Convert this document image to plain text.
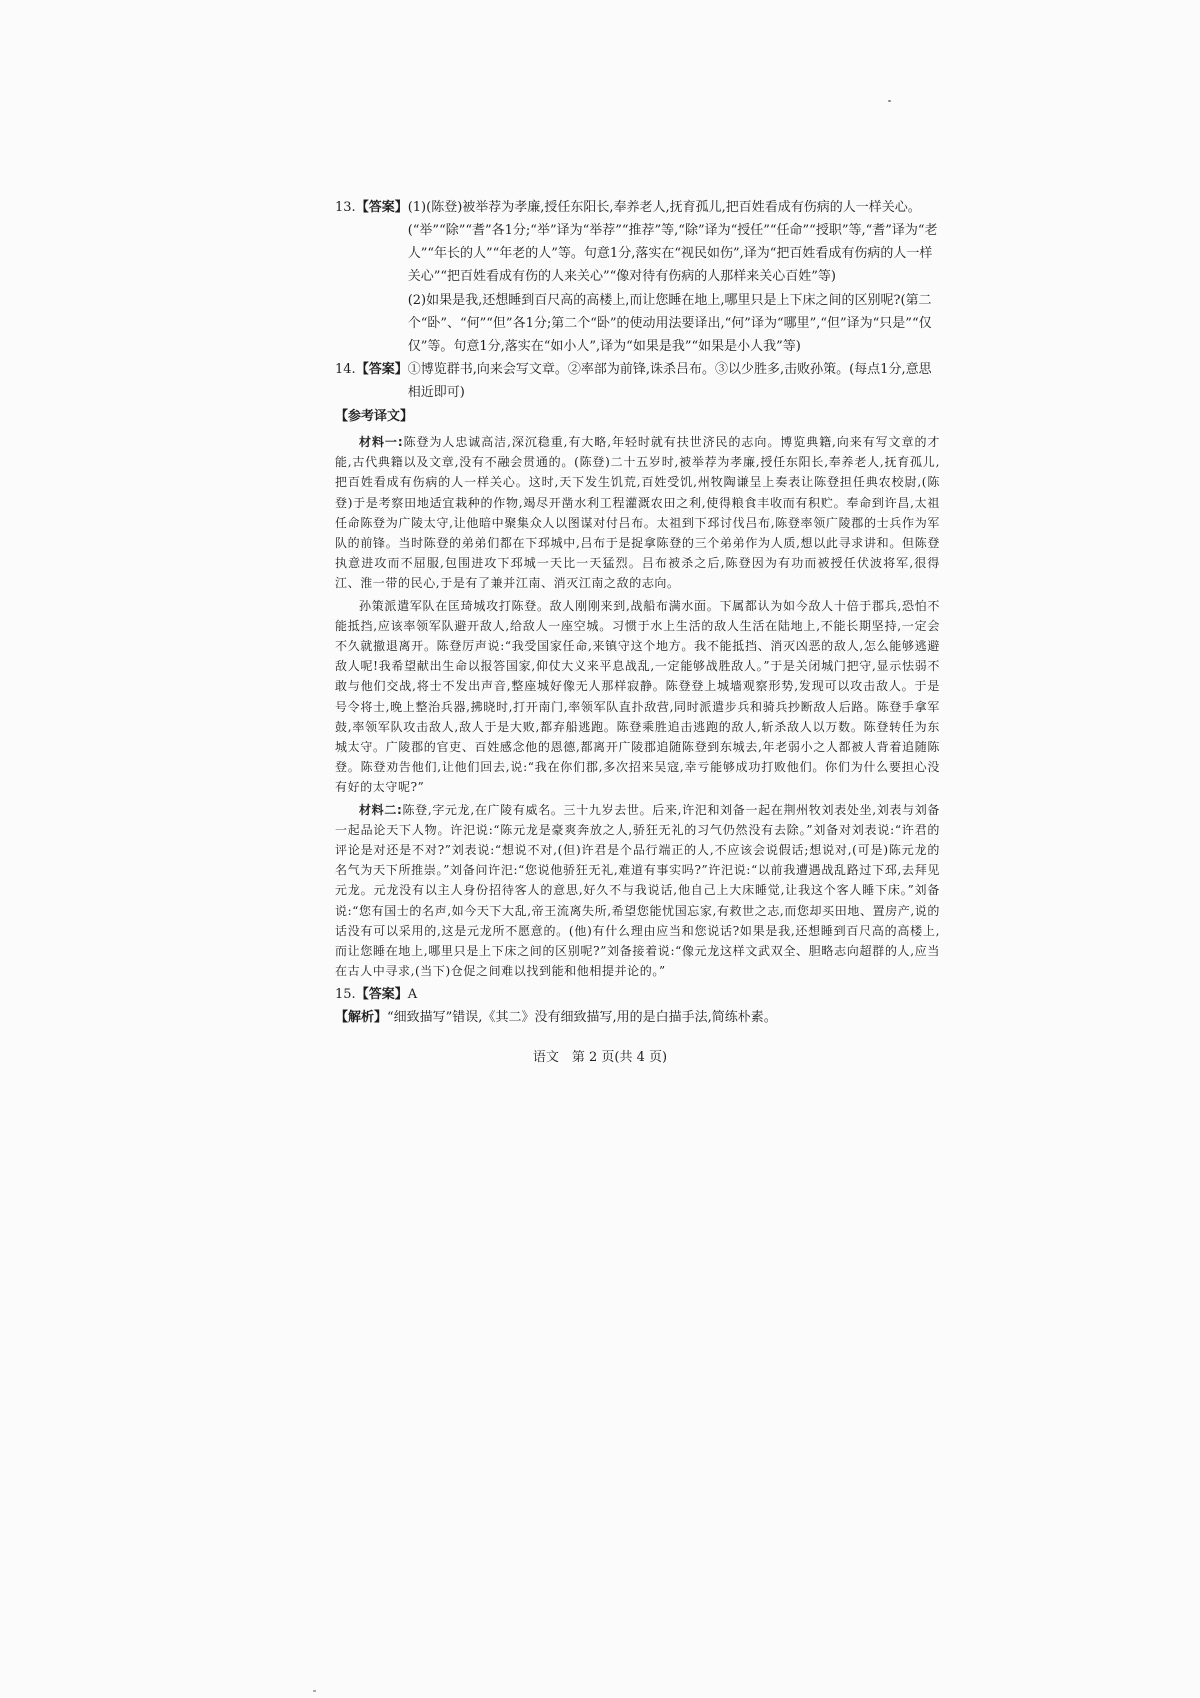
13.【答案】 (1)(陈登)被举荐为孝廉,授任东阳长,奉养老人,抚育孤儿,把百姓看成有伤病的人一样关心。(“举”“除”“耆”各1分;“举”译为“举荐”“推荐”等,“除”译为“授任”“任命”“授职”等,“耆”译为“老人”“年长的人”“年老的人”等。句意1分,落实在“视民如伤”,译为“把百姓看成有伤病的人一样关心”“把百姓看成有伤的人来关心”“像对待有伤病的人那样来关心百姓”等)

(2)如果是我,还想睡到百尺高的高楼上,而让您睡在地上,哪里只是上下床之间的区别呢?(第二个“卧”、“何”“但”各1分;第二个“卧”的使动用法要译出,“何”译为“哪里”,“但”译为“只是”“仅仅”等。句意1分,落实在“如小人”,译为“如果是我”“如果是小人我”等)

14.【答案】 ①博览群书,向来会写文章。②率部为前锋,诛杀吕布。③以少胜多,击败孙策。(每点1分,意思相近即可)

【参考译文】

材料一:陈登为人忠诚高洁,深沉稳重,有大略,年轻时就有扶世济民的志向。博览典籍,向来有写文章的才能,古代典籍以及文章,没有不融会贯通的。(陈登)二十五岁时,被举荐为孝廉,授任东阳长,奉养老人,抚育孤儿,把百姓看成有伤病的人一样关心。这时,天下发生饥荒,百姓受饥,州牧陶谦呈上奏表让陈登担任典农校尉,(陈登)于是考察田地适宜栽种的作物,竭尽开凿水利工程灌溉农田之利,使得粮食丰收而有积贮。奉命到许昌,太祖任命陈登为广陵太守,让他暗中聚集众人以图谋对付吕布。太祖到下邳讨伐吕布,陈登率领广陵郡的士兵作为军队的前锋。当时陈登的弟弟们都在下邳城中,吕布于是捉拿陈登的三个弟弟作为人质,想以此寻求讲和。但陈登执意进攻而不屈服,包围进攻下邳城一天比一天猛烈。吕布被杀之后,陈登因为有功而被授任伏波将军,很得江、淮一带的民心,于是有了兼并江南、消灭江南之敌的志向。

孙策派遣军队在匡琦城攻打陈登。敌人刚刚来到,战船布满水面。下属都认为如今敌人十倍于郡兵,恐怕不能抵挡,应该率领军队避开敌人,给敌人一座空城。习惯于水上生活的敌人生活在陆地上,不能长期坚持,一定会不久就撤退离开。陈登厉声说:“我受国家任命,来镇守这个地方。我不能抵挡、消灭凶恶的敌人,怎么能够逃避敌人呢!我希望献出生命以报答国家,仰仗大义来平息战乱,一定能够战胜敌人。”于是关闭城门把守,显示怯弱不敢与他们交战,将士不发出声音,整座城好像无人那样寂静。陈登登上城墙观察形势,发现可以攻击敌人。于是号令将士,晚上整治兵器,拂晓时,打开南门,率领军队直扑敌营,同时派遣步兵和骑兵抄断敌人后路。陈登手拿军鼓,率领军队攻击敌人,敌人于是大败,都弃船逃跑。陈登乘胜追击逃跑的敌人,斩杀敌人以万数。陈登转任为东城太守。广陵郡的官吏、百姓感念他的恩德,都离开广陵郡追随陈登到东城去,年老弱小之人都被人背着追随陈登。陈登劝告他们,让他们回去,说:“我在你们郡,多次招来吴寇,幸亏能够成功打败他们。你们为什么要担心没有好的太守呢?”

材料二:陈登,字元龙,在广陵有威名。三十九岁去世。后来,许汜和刘备一起在荆州牧刘表处坐,刘表与刘备一起品论天下人物。许汜说:“陈元龙是豪爽奔放之人,骄狂无礼的习气仍然没有去除。”刘备对刘表说:“许君的评论是对还是不对?”刘表说:“想说不对,(但)许君是个品行端正的人,不应该会说假话;想说对,(可是)陈元龙的名气为天下所推崇。”刘备问许汜:“您说他骄狂无礼,难道有事实吗?”许汜说:“以前我遭遇战乱路过下邳,去拜见元龙。元龙没有以主人身份招待客人的意思,好久不与我说话,他自己上大床睡觉,让我这个客人睡下床。”刘备说:“您有国士的名声,如今天下大乱,帝王流离失所,希望您能忧国忘家,有救世之志,而您却买田地、置房产,说的话没有可以采用的,这是元龙所不愿意的。(他)有什么理由应当和您说话?如果是我,还想睡到百尺高的高楼上,而让您睡在地上,哪里只是上下床之间的区别呢?”刘备接着说:“像元龙这样文武双全、胆略志向超群的人,应当在古人中寻求,(当下)仓促之间难以找到能和他相提并论的。”

15.【答案】A
【解析】“细致描写”错误,《其二》没有细致描写,用的是白描手法,简练朴素。
语文　第 2 页(共 4 页)
